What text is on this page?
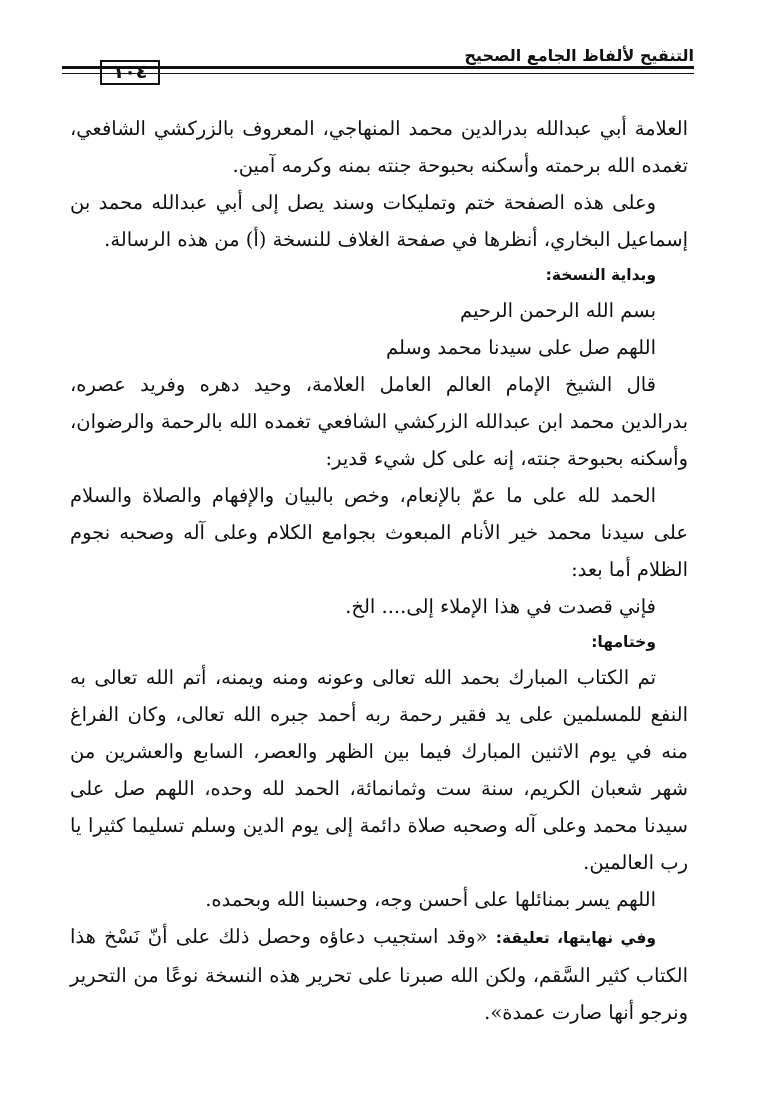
التنقيح لألفاظ الجامع الصحيح
١٠٤

العلامة أبي عبدالله بدرالدين محمد المنهاجي، المعروف بالزركشي الشافعي، تغمده الله برحمته وأسكنه بحبوحة جنته بمنه وكرمه آمين.

وعلى هذه الصفحة ختم وتمليكات وسند يصل إلى أبي عبدالله محمد بن إسماعيل البخاري، أنظرها في صفحة الغلاف للنسخة (أ) من هذه الرسالة.

وبداية النسخة:

بسم الله الرحمن الرحيم

اللهم صل على سيدنا محمد وسلم

قال الشيخ الإمام العالم العامل العلامة، وحيد دهره وفريد عصره، بدرالدين محمد ابن عبدالله الزركشي الشافعي تغمده الله بالرحمة والرضوان، وأسكنه بحبوحة جنته، إنه على كل شيء قدير:

الحمد لله على ما عمّ بالإنعام، وخص بالبيان والإفهام والصلاة والسلام على سيدنا محمد خير الأنام المبعوث بجوامع الكلام وعلى آله وصحبه نجوم الظلام أما بعد:

فإني قصدت في هذا الإملاء إلى.... الخ.

وختامها:

تم الكتاب المبارك بحمد الله تعالى وعونه ومنه ويمنه، أتم الله تعالى به النفع للمسلمين على يد فقير رحمة ربه أحمد جبره الله تعالى، وكان الفراغ منه في يوم الاثنين المبارك فيما بين الظهر والعصر، السابع والعشرين من شهر شعبان الكريم، سنة ست وثمانمائة، الحمد لله وحده، اللهم صل على سيدنا محمد وعلى آله وصحبه صلاة دائمة إلى يوم الدين وسلم تسليما كثيرا يا رب العالمين.

اللهم يسر بمنائلها على أحسن وجه، وحسبنا الله وبحمده.

وفي نهايتها، تعليقة: «وقد استجيب دعاؤه وحصل ذلك على أنّ نَسْخ هذا الكتاب كثير السَّقم، ولكن الله صبرنا على تحرير هذه النسخة نوعًا من التحرير ونرجو أنها صارت عمدة».
